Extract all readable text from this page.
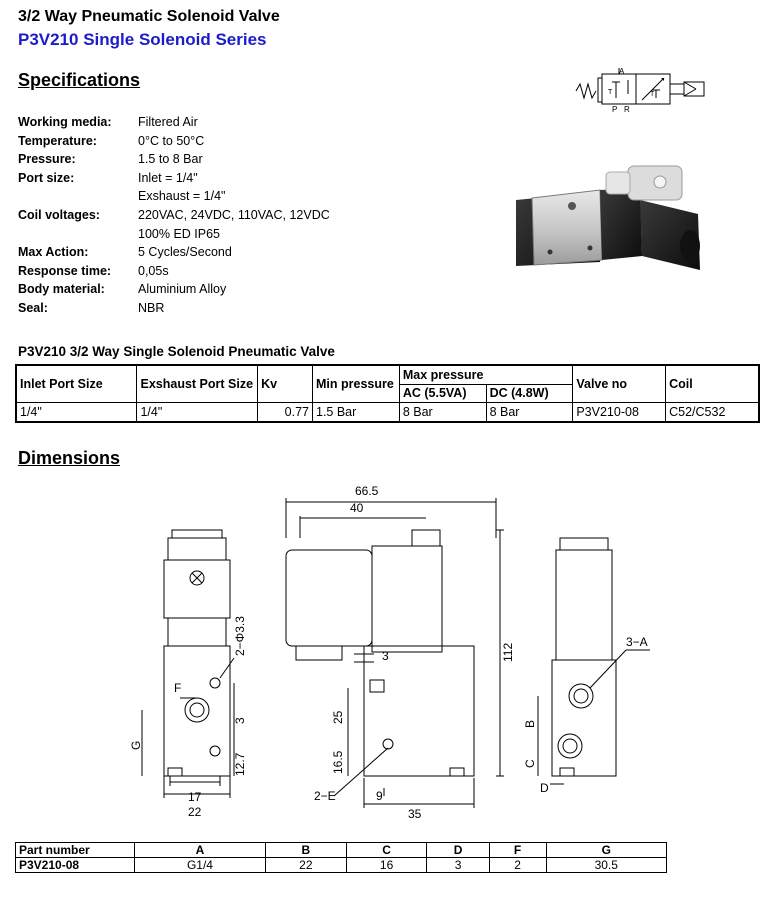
3/2 Way Pneumatic Solenoid Valve
P3V210 Single Solenoid Series
Specifications
Working media:	Filtered Air
Temperature:	0°C to 50°C
Pressure:	1.5 to 8 Bar
Port size:	Inlet = 1/4"
Exshaust = 1/4"
Coil voltages:	220VAC, 24VDC, 110VAC, 12VDC
100% ED IP65
Max Action:	5 Cycles/Second
Response time:	0,05s
Body material:	Aluminium Alloy
Seal:	NBR
A
P R
T	T
P3V210 3/2 Way Single Solenoid Pneumatic Valve
Inlet Port Size	Exshaust Port Size	Kv	Min pressure	Max pressure		Valve no	Coil
				AC (5.5VA)	DC (4.8W)		
1/4"	1/4"	0.77	1.5 Bar	8 Bar	8 Bar	P3V210-08	C52/C532
Dimensions
66.5
40
112
3
25
16.5
9
35
2−E
2−Φ3.3
F
3
G
12.7
17
22
3−A
B
C
D
Part number	A	B	C	D	F	G
P3V210-08	G1/4	22	16	3	2	30.5
